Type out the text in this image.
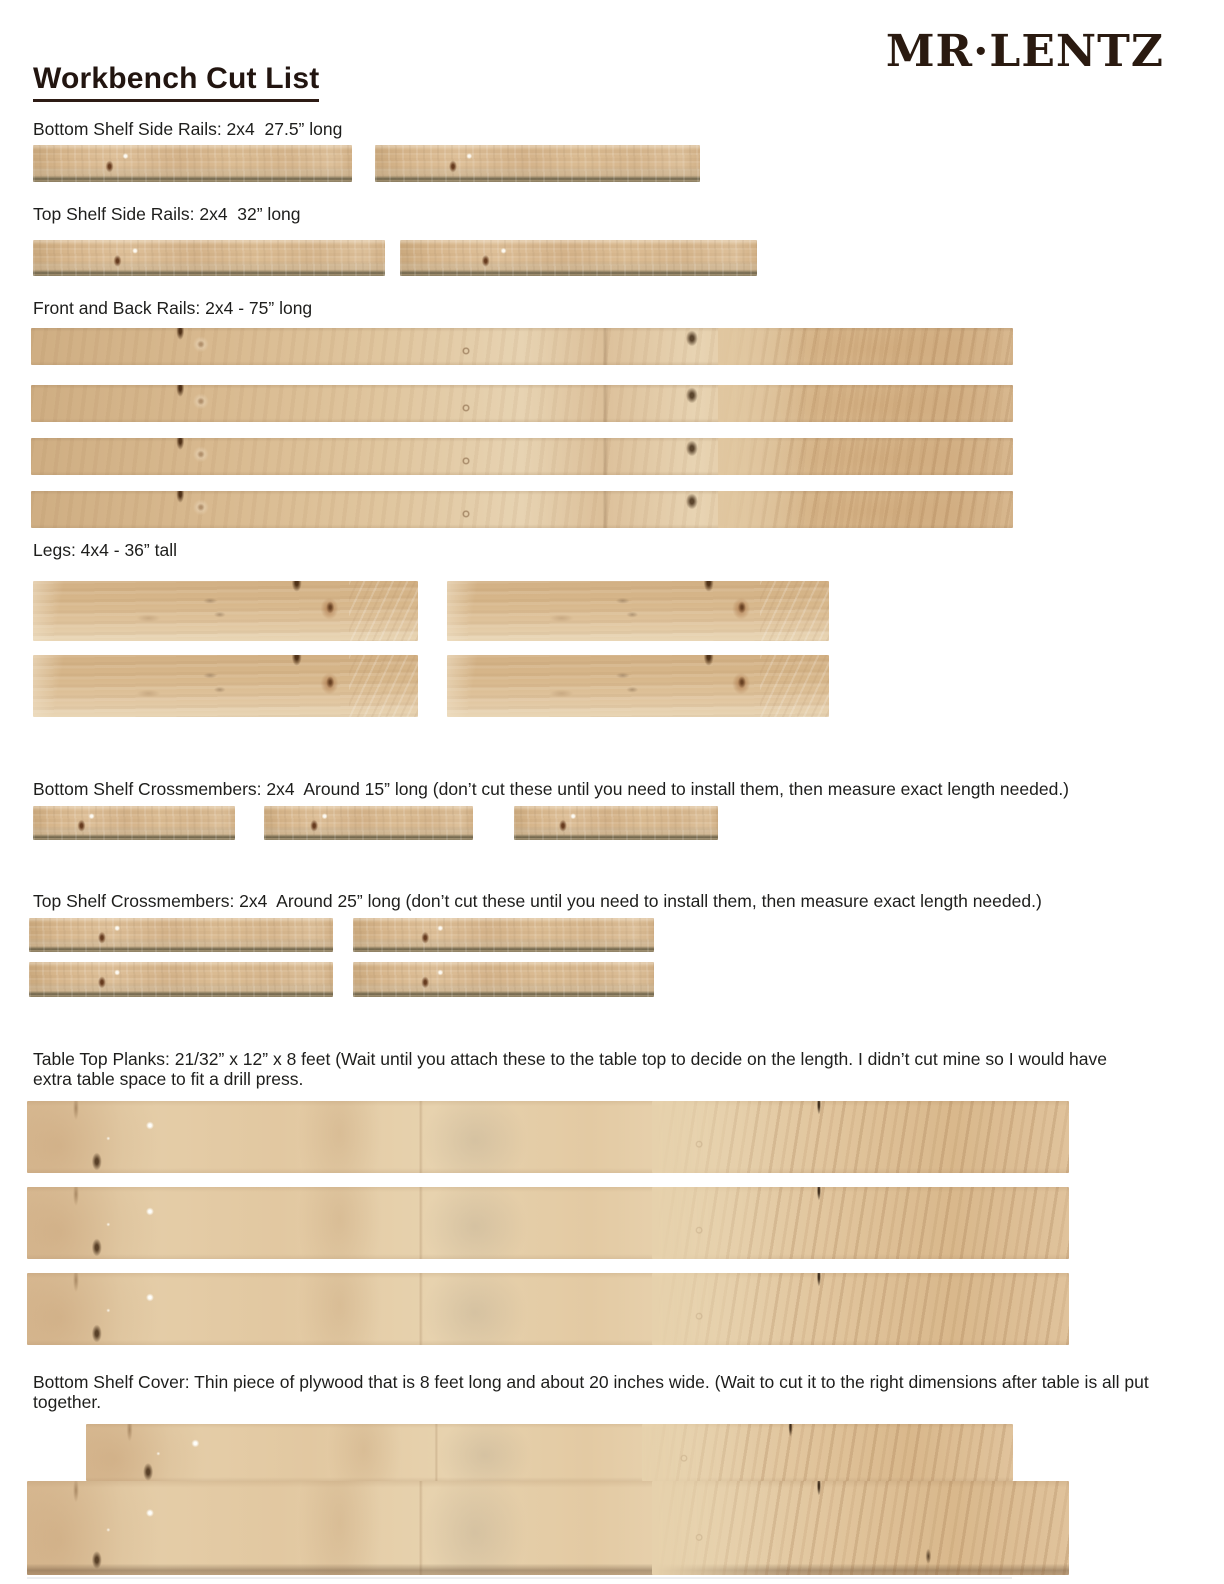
MR·LENTZ
Workbench Cut List
Bottom Shelf Side Rails: 2x4  27.5” long
Top Shelf Side Rails: 2x4  32” long
Front and Back Rails: 2x4 - 75” long
Legs: 4x4 - 36” tall
Bottom Shelf Crossmembers: 2x4  Around 15” long (don’t cut these until you need to install them, then measure exact length needed.)
Top Shelf Crossmembers: 2x4  Around 25” long (don’t cut these until you need to install them, then measure exact length needed.)
Table Top Planks: 21/32” x 12” x 8 feet (Wait until you attach these to the table top to decide on the length. I didn’t cut mine so I would have extra table space to fit a drill press.
Bottom Shelf Cover: Thin piece of plywood that is 8 feet long and about 20 inches wide. (Wait to cut it to the right dimensions after table is all put together.
